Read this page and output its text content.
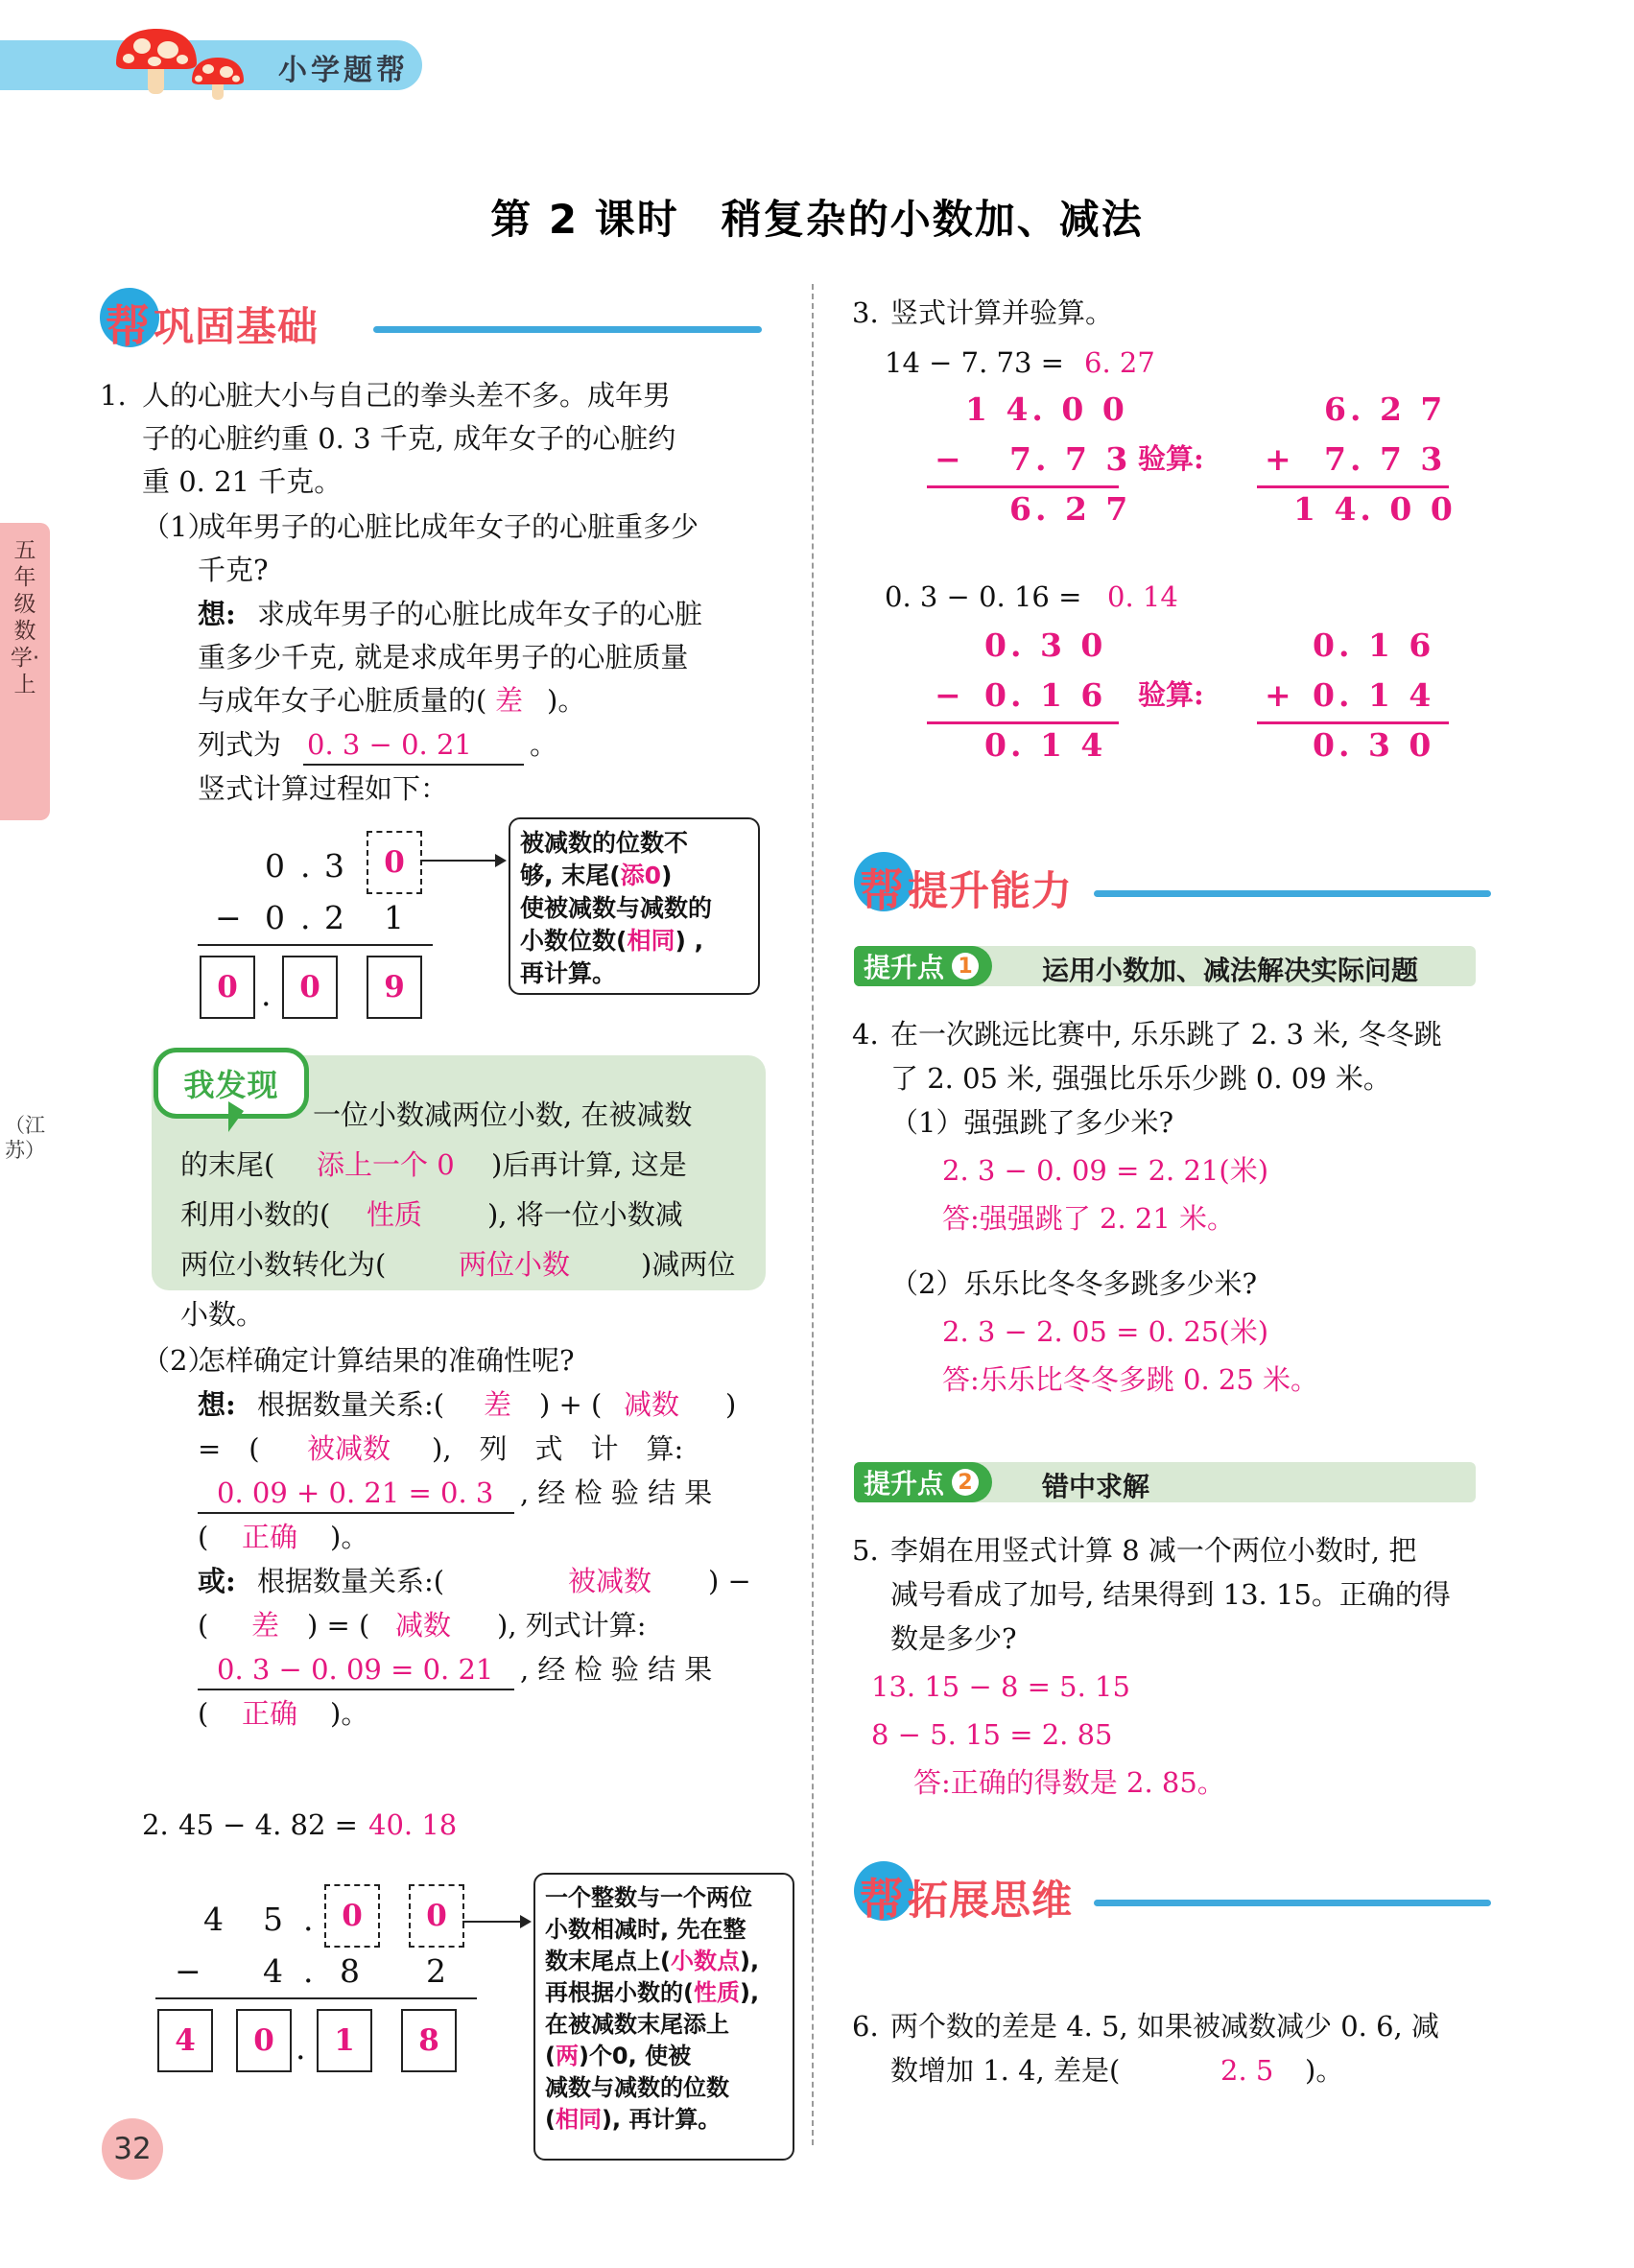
小学题帮
五年级数学·上
（江苏）
第 2 课时　稍复杂的小数加、减法
帮 巩固基础
1. 人的心脏大小与自己的拳头差不多。成年男
子的心脏约重 0. 3 千克, 成年女子的心脏约
重 0. 21 千克。
（1）
成年男子的心脏比成年女子的心脏重多少
千克?
想: 求成年男子的心脏比成年女子的心脏
重多少千克, 就是求成年男子的心脏质量
与成年女子心脏质量的( 差 )。
列式为 0. 3 − 0. 21 。
竖式计算过程如下：
0 . 3 0
− 0 . 2 1
0 . 0 9
被减数的位数不
够, 末尾(添0)
使被减数与减数的
小数位数(相同) ,
再计算。
我发现
一位小数减两位小数, 在被减数
的末尾( 添上一个 0 )后再计算, 这是
利用小数的( 性质 ), 将一位小数减
两位小数转化为(	两位小数	)减两位
小数。
（2）
怎样确定计算结果的准确性呢?
想: 根据数量关系:( 差 ) + ( 减数 )
=　( 被减数 ),　列　式　计　算:
0. 09 + 0. 21 = 0. 3 , 经 检 验 结 果
( 正确 )。
或: 根据数量关系:(	被减数 ) −
( 差 ) = ( 减数 ), 列式计算:
0. 3 − 0. 09 = 0. 21 , 经 检 验 结 果
( 正确 )。
2. 45 − 4. 82 = 40. 18
4 5 . 0 0
− 4 . 8 2
4 0 . 1 8
一个整数与一个两位
小数相减时, 先在整
数末尾点上(小数点),
再根据小数的(性质),
在被减数末尾添上
(两)个0, 使被
减数与减数的位数
(相同), 再计算。
3. 竖式计算并验算。
14 − 7. 73 = 6. 27
1 4. 0 0
− 7. 7 3
6. 2 7
验算:
6. 2 7
+ 7. 7 3
1 4. 0 0
0. 3 − 0. 16 = 0. 14
0. 3 0
− 0. 1 6
0. 1 4
验算:
0. 1 6
+ 0. 1 4
0. 3 0
帮 提升能力
提升点 1	运用小数加、减法解决实际问题
4. 在一次跳远比赛中, 乐乐跳了 2. 3 米, 冬冬跳
了 2. 05 米, 强强比乐乐少跳 0. 09 米。
（1）强强跳了多少米?
2. 3 − 0. 09 = 2. 21(米)
答:强强跳了 2. 21 米。
（2）乐乐比冬冬多跳多少米?
2. 3 − 2. 05 = 0. 25(米)
答:乐乐比冬冬多跳 0. 25 米。
提升点 2	错中求解
5. 李娟在用竖式计算 8 减一个两位小数时, 把
减号看成了加号, 结果得到 13. 15。正确的得
数是多少?
13. 15 − 8 = 5. 15
8 − 5. 15 = 2. 85
答:正确的得数是 2. 85。
帮 拓展思维
6. 两个数的差是 4. 5, 如果被减数减少 0. 6, 减
数增加 1. 4, 差是(	2. 5 )。
32
